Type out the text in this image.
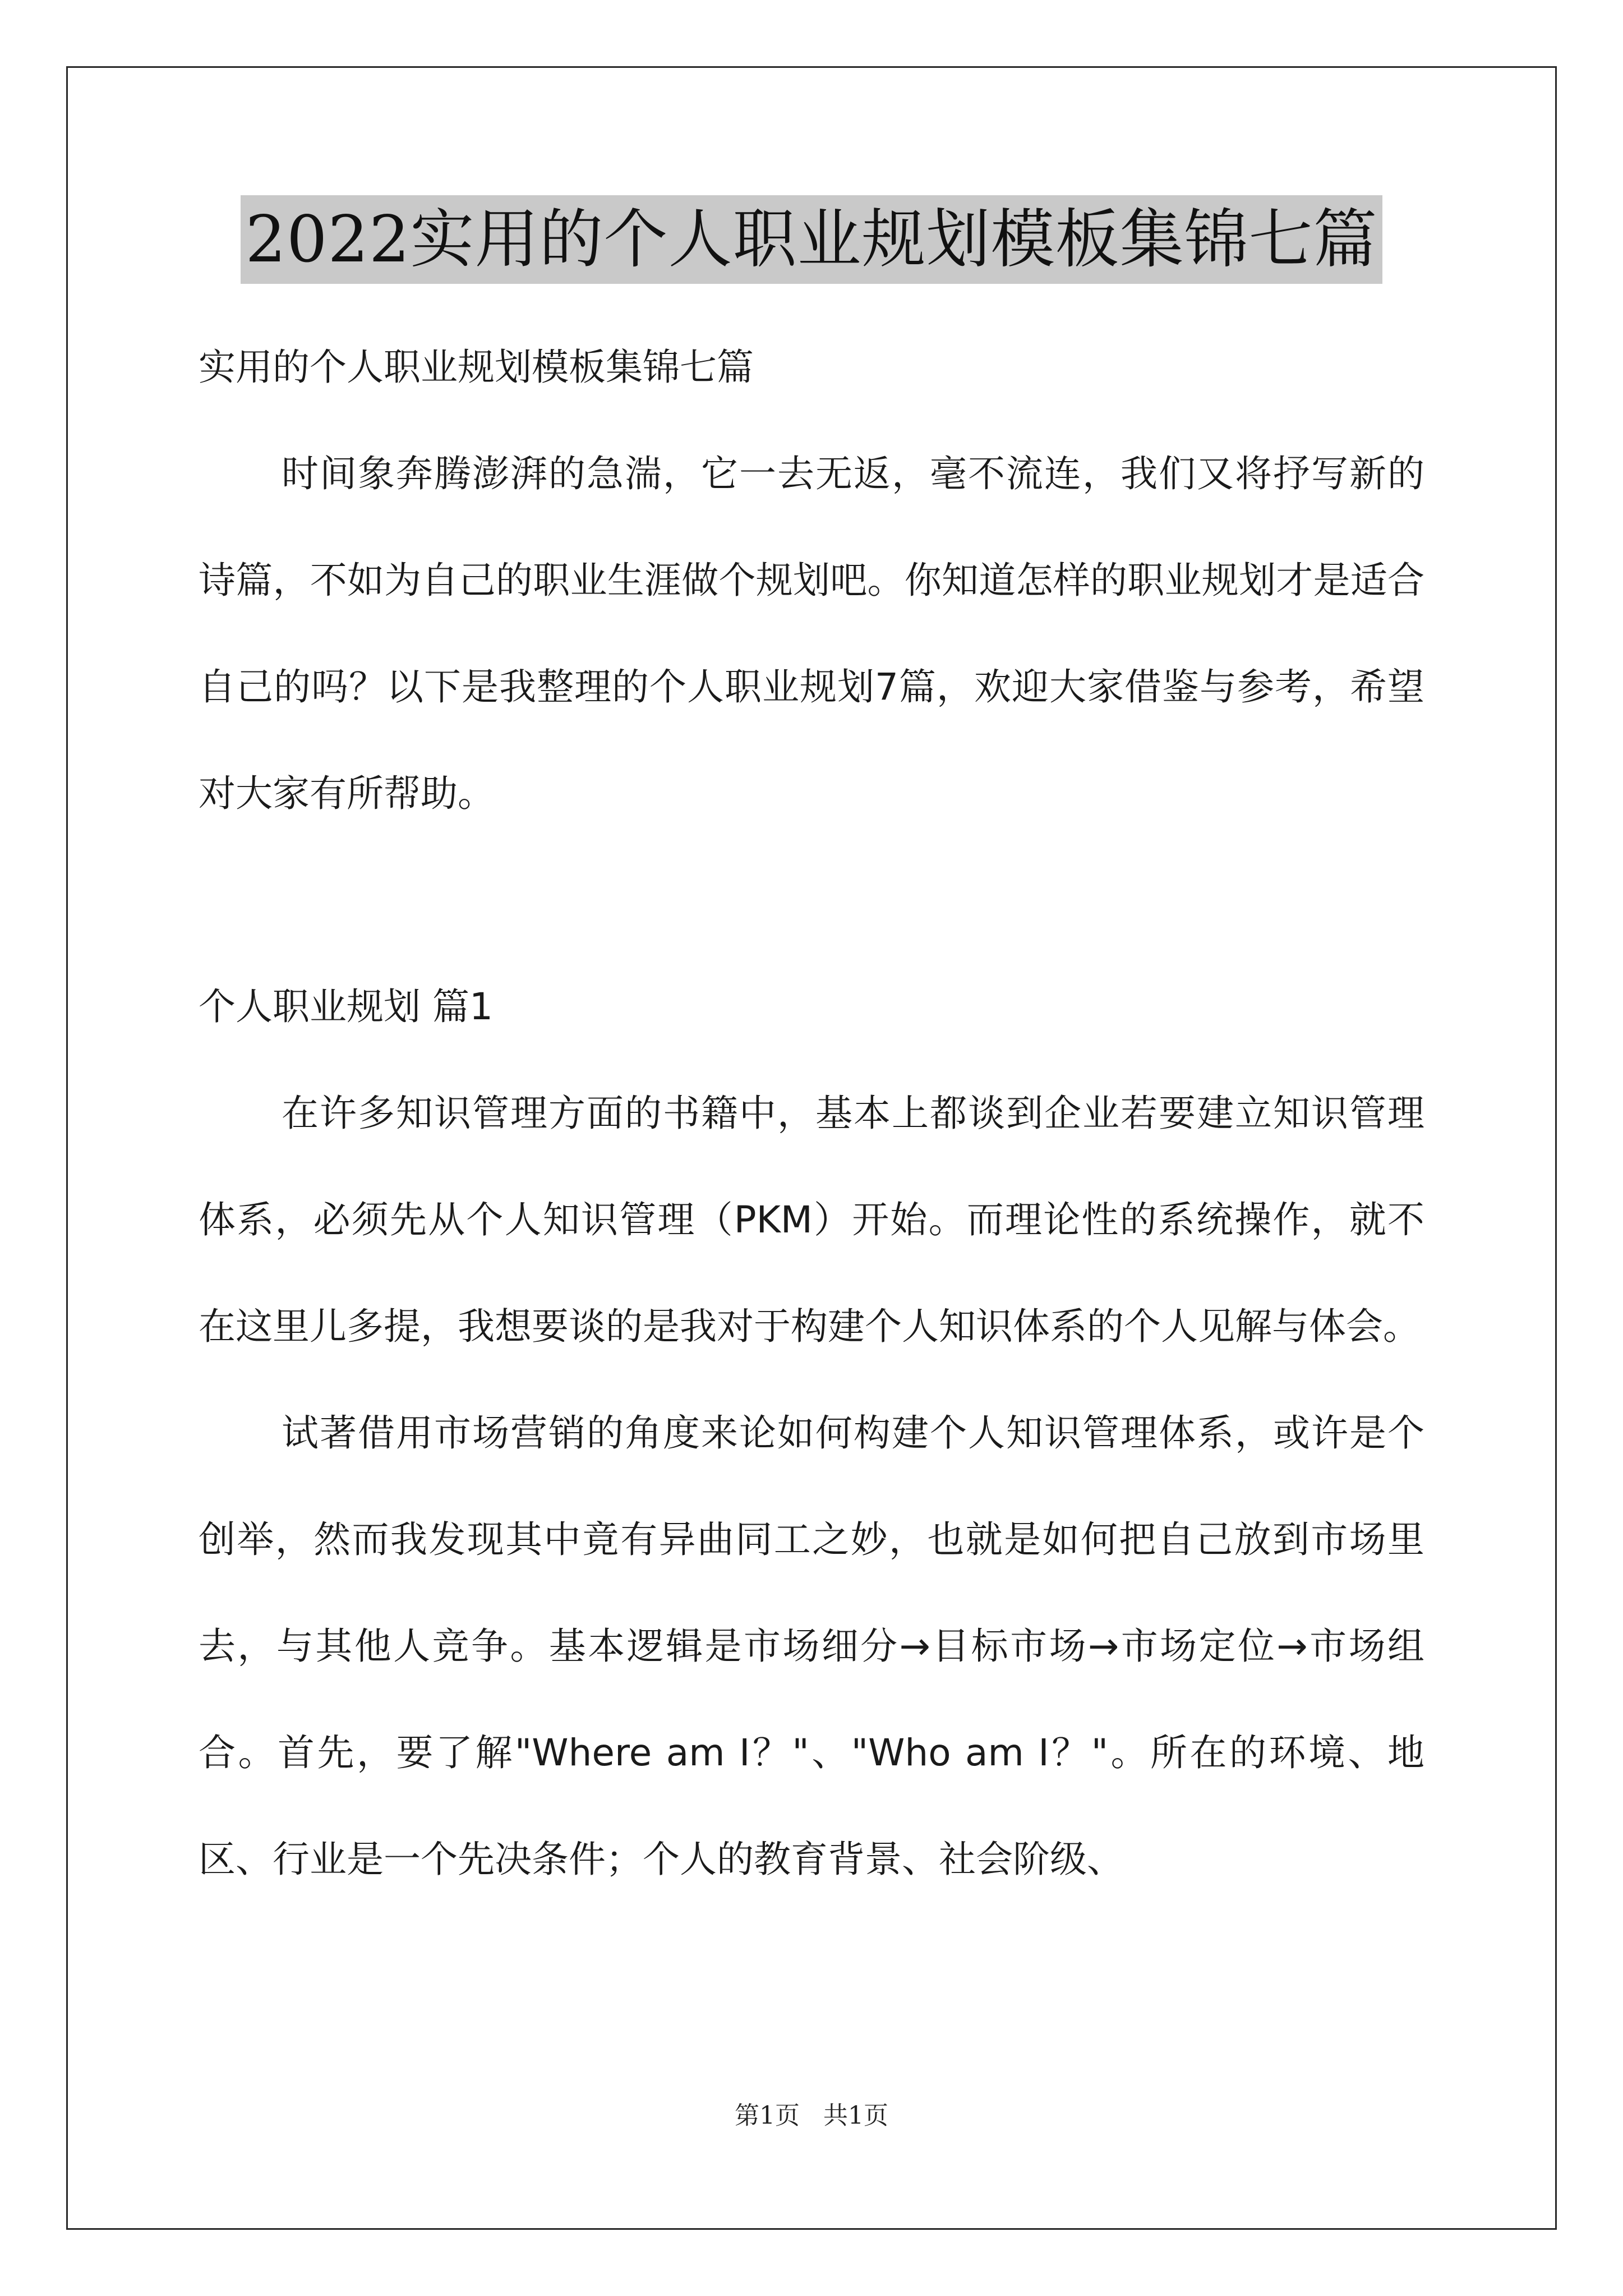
2022实用的个人职业规划模板集锦七篇

实用的个人职业规划模板集锦七篇

时间象奔腾澎湃的急湍，它一去无返，毫不流连，我们又将抒写新的诗篇，不如为自己的职业生涯做个规划吧。你知道怎样的职业规划才是适合自己的吗？以下是我整理的个人职业规划7篇，欢迎大家借鉴与参考，希望对大家有所帮助。

个人职业规划 篇1

在许多知识管理方面的书籍中，基本上都谈到企业若要建立知识管理体系，必须先从个人知识管理（PKM）开始。而理论性的系统操作，就不在这里儿多提，我想要谈的是我对于构建个人知识体系的个人见解与体会。

试著借用市场营销的角度来论如何构建个人知识管理体系，或许是个创举，然而我发现其中竟有异曲同工之妙，也就是如何把自己放到市场里去，与其他人竞争。基本逻辑是市场细分→目标市场→市场定位→市场组合。首先，要了解"Where am I？"、"Who am I？"。所在的环境、地区、行业是一个先决条件；个人的教育背景、社会阶级、

第1页   共1页
